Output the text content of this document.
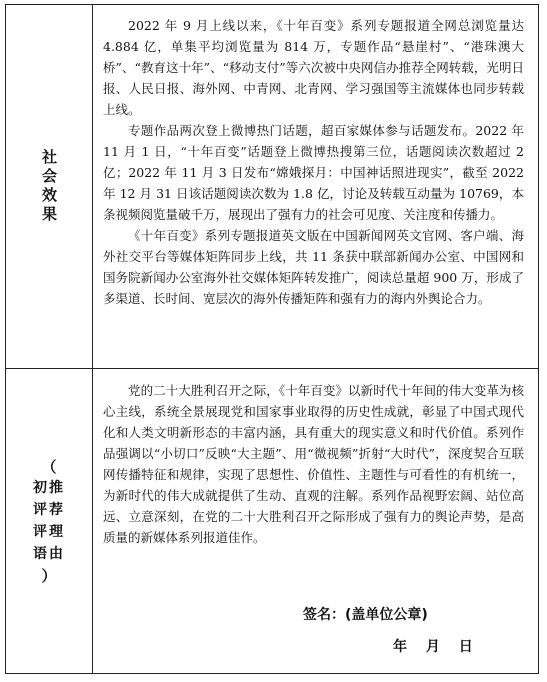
社会效果

2022 年 9 月上线以来，《十年百变》系列专题报道全网总浏览量达 4.884 亿，单集平均浏览量为 814 万，专题作品“悬崖村”、“港珠澳大桥”、“教育这十年”、“移动支付”等六次被中央网信办推荐全网转载，光明日报、人民日报、海外网、中青网、北青网、学习强国等主流媒体也同步转载上线。

专题作品两次登上微博热门话题，超百家媒体参与话题发布。2022 年 11 月 1 日，“十年百变”话题登上微博热搜第三位，话题阅读次数超过 2 亿；2022 年 11 月 3 日发布“嫦娥探月：中国神话照进现实”，截至 2022 年 12 月 31 日该话题阅读次数为 1.8 亿，讨论及转载互动量为 10769，本条视频阅览量破千万，展现出了强有力的社会可见度、关注度和传播力。

《十年百变》系列专题报道英文版在中国新闻网英文官网、客户端、海外社交平台等媒体矩阵同步上线，共 11 条获中联部新闻办公室、中国网和国务院新闻办公室海外社交媒体矩阵转发推广，阅读总量超 900 万，形成了多渠道、长时间、宽层次的海外传播矩阵和强有力的海内外舆论合力。

（
初推评荐评理语由
）

党的二十大胜利召开之际，《十年百变》以新时代十年间的伟大变革为核心主线，系统全景展现党和国家事业取得的历史性成就，彰显了中国式现代化和人类文明新形态的丰富内涵，具有重大的现实意义和时代价值。系列作品强调以“小切口”反映“大主题”、用“微视频”折射“大时代”，深度契合互联网传播特征和规律，实现了思想性、价值性、主题性与可看性的有机统一，为新时代的伟大成就提供了生动、直观的注解。系列作品视野宏阔、站位高远、立意深刻，在党的二十大胜利召开之际形成了强有力的舆论声势，是高质量的新媒体系列报道佳作。

签名：(盖单位公章)
年 月 日
